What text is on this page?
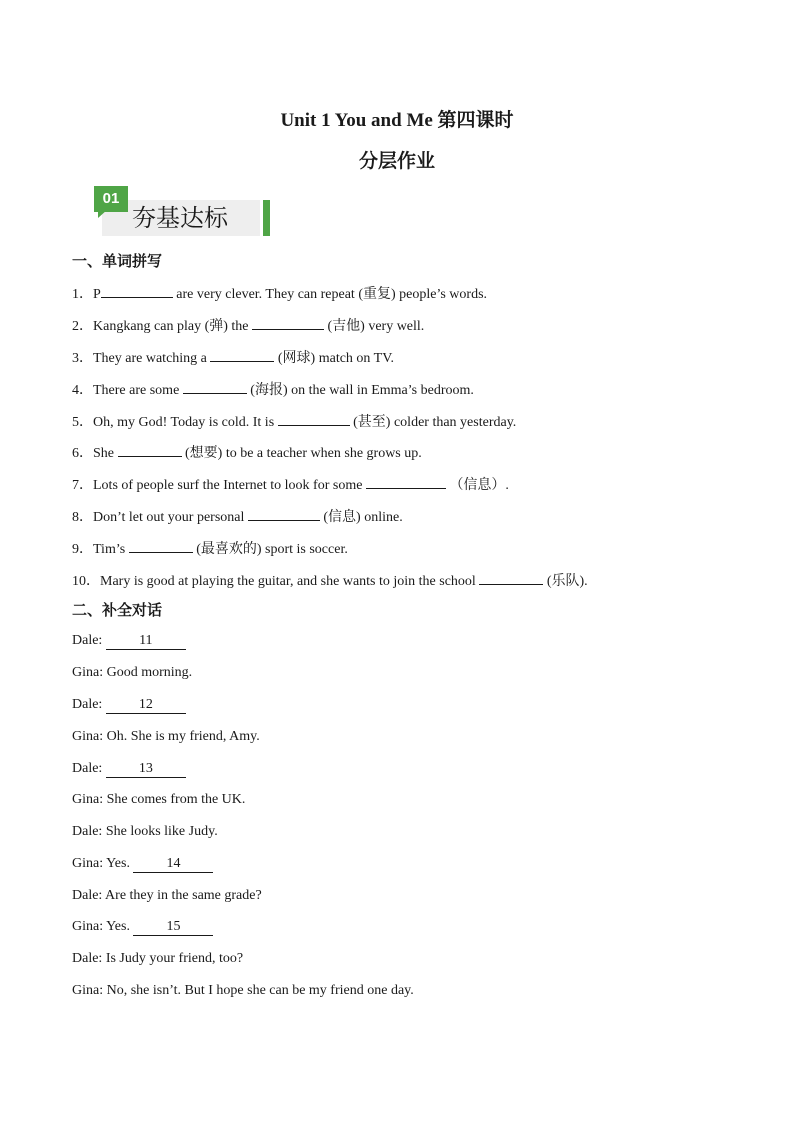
Unit 1 You and Me 第四课时
分层作业
01
夯基达标
一、单词拼写
1．P	are very clever. They can repeat (重复) people’s words.
2．Kangkang can play (弹) the	(吉他) very well.
3．They are watching a	(网球) match on TV.
4．There are some	(海报) on the wall in Emma’s bedroom.
5．Oh, my God! Today is cold. It is	(甚至) colder than yesterday.
6．She	(想要) to be a teacher when she grows up.
7．Lots of people surf the Internet to look for some	（信息）.
8．Don’t let out your personal	(信息) online.
9．Tim’s	(最喜欢的) sport is soccer.
10．Mary is good at playing the guitar, and she wants to join the school	(乐队).
二、补全对话
Dale: 11
Gina: Good morning.
Dale: 12
Gina: Oh. She is my friend, Amy.
Dale: 13
Gina: She comes from the UK.
Dale: She looks like Judy.
Gina: Yes. 14
Dale: Are they in the same grade?
Gina: Yes. 15
Dale: Is Judy your friend, too?
Gina: No, she isn’t. But I hope she can be my friend one day.
